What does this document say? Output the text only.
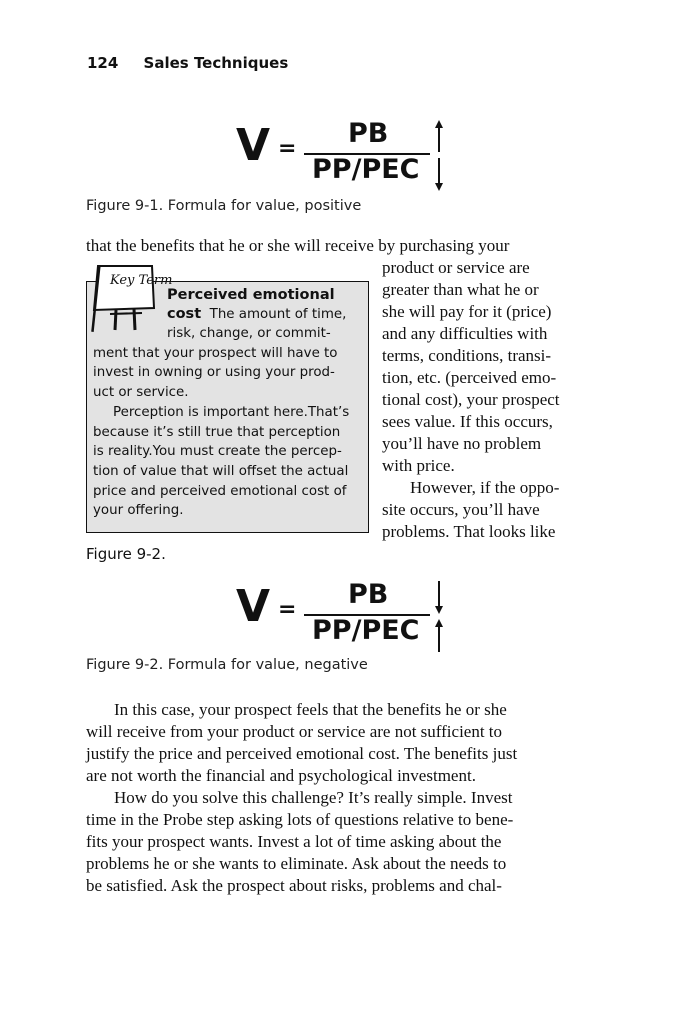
124 Sales Techniques
V = PB
PP/PEC
Figure 9-1. Formula for value, positive
that the benefits that he or she will receive by purchasing your
product or service are
greater than what he or
she will pay for it (price)
and any difficulties with
terms, conditions, transi-
tion, etc. (perceived emo-
tional cost), your prospect
sees value. If this occurs,
you’ll have no problem
with price.
However, if the oppo-
site occurs, you’ll have
problems. That looks like
Perceived emotional
cost The amount of time,
risk, change, or commit-
ment that your prospect will have to
invest in owning or using your prod-
uct or service.
Perception is important here.That’s
because it’s still true that perception
is reality.You must create the percep-
tion of value that will offset the actual
price and perceived emotional cost of
your offering.
Key Term
Figure 9-2.
V = PB
PP/PEC
Figure 9-2. Formula for value, negative
In this case, your prospect feels that the benefits he or she
will receive from your product or service are not sufficient to
justify the price and perceived emotional cost. The benefits just
are not worth the financial and psychological investment.
How do you solve this challenge? It’s really simple. Invest
time in the Probe step asking lots of questions relative to bene-
fits your prospect wants. Invest a lot of time asking about the
problems he or she wants to eliminate. Ask about the needs to
be satisfied. Ask the prospect about risks, problems and chal-
